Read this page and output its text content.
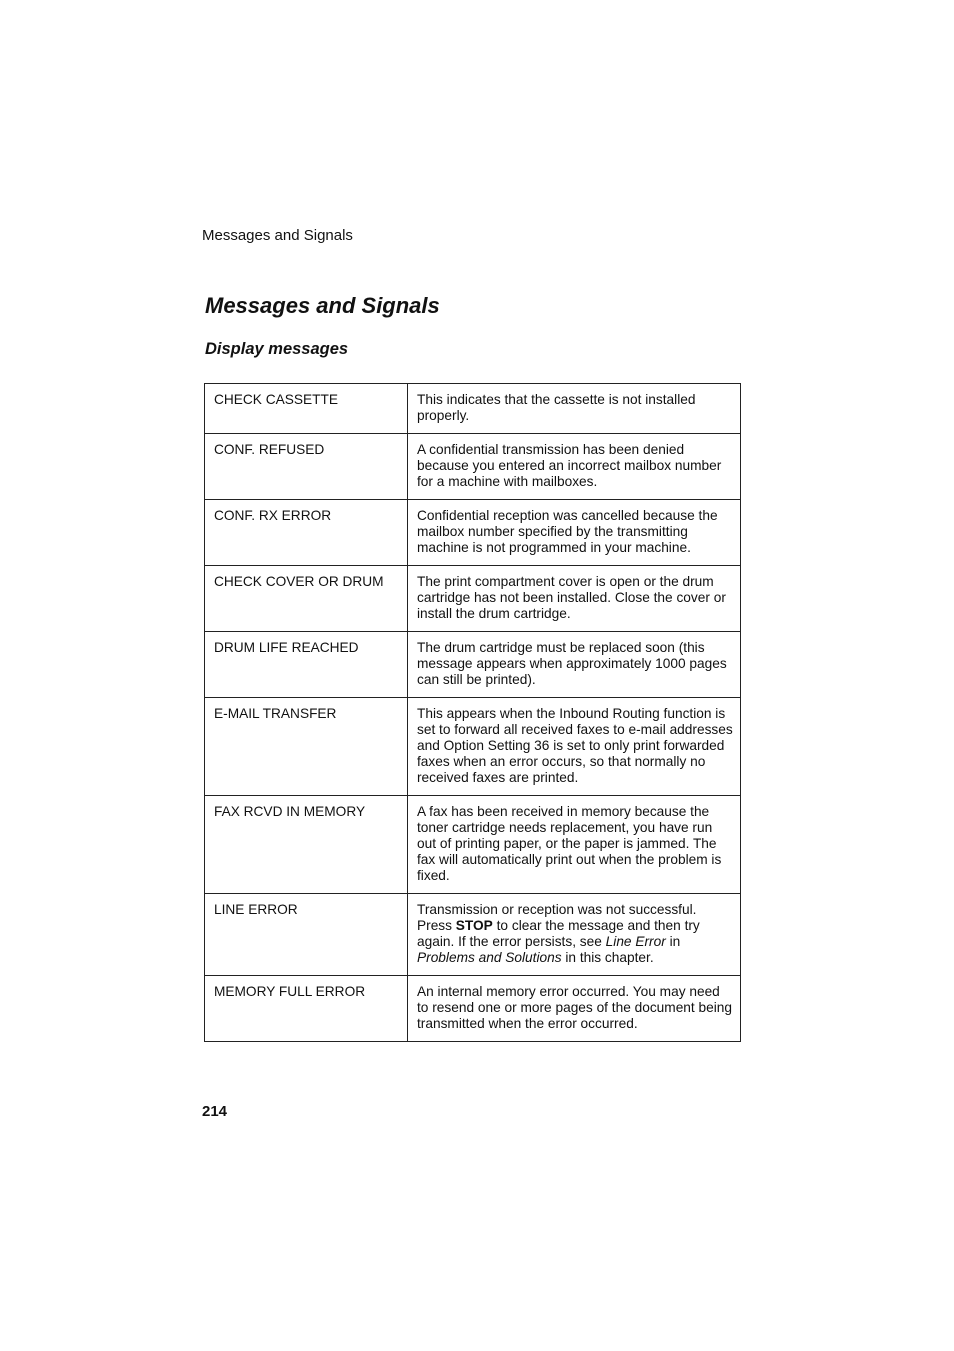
Messages and Signals
Messages and Signals
Display messages
CHECK CASSETTE	This indicates that the cassette is not installed properly.
CONF. REFUSED	A confidential transmission has been denied because you entered an incorrect mailbox number for a machine with mailboxes.
CONF. RX ERROR	Confidential reception was cancelled because the mailbox number specified by the transmitting machine is not programmed in your machine.
CHECK COVER OR DRUM	The print compartment cover is open or the drum cartridge has not been installed. Close the cover or install the drum cartridge.
DRUM LIFE REACHED	The drum cartridge must be replaced soon (this message appears when approximately 1000 pages can still be printed).
E-MAIL TRANSFER	This appears when the Inbound Routing function is set to forward all received faxes to e-mail addresses and Option Setting 36 is set to only print forwarded faxes when an error occurs, so that normally no received faxes are printed.
FAX RCVD IN MEMORY	A fax has been received in memory because the toner cartridge needs replacement, you have run out of printing paper, or the paper is jammed. The fax will automatically print out when the problem is fixed.
LINE ERROR	Transmission or reception was not successful. Press STOP to clear the message and then try again. If the error persists, see Line Error in Problems and Solutions in this chapter.
MEMORY FULL ERROR	An internal memory error occurred. You may need to resend one or more pages of the document being transmitted when the error occurred.
214
